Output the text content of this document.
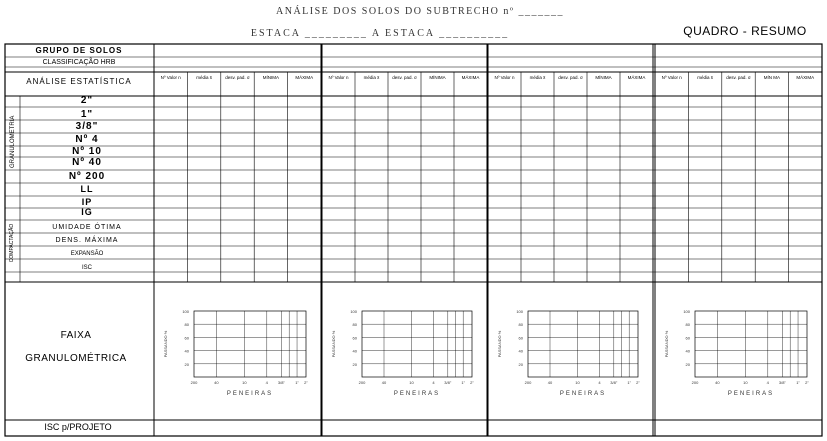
ANÁLISE DOS SOLOS DO SUBTRECHO nº _______
ESTACA _________ A ESTACA __________	QUADRO - RESUMO
100
80
60
40
20
200	40	10	4 3/8"	1" 2"
PASSANDO %
PENEIRAS
100
80
60
40
20
200	40	10	4 3/8"	1" 2"
PASSANDO %
PENEIRAS
100
80
60
40
20
200	40	10	4 3/8"	1" 2"
PASSANDO %
PENEIRAS
100
80
60
40
20
200	40	10	4 3/8"	1" 2"
PASSANDO %
PENEIRAS
GRUPO DE SOLOS
CLASSIFICAÇÃO HRB
ANÁLISE ESTATÍSTICA
GRANULOMETRIA
COMPACTAÇÃO
2"
1"
3/8"
Nº 4
Nº 10
Nº 40
Nº 200
LL
IP
IG
UMIDADE ÓTIMA
DENS. MÁXIMA
EXPANSÃO
ISC
Nº Valor n	média x̄	desv. pad. σ	MÍNIMA	MÁXIMA	Nº Valor n	média x̄	desv. pad. σ	MÍNIMA	MÁXIMA	Nº Valor n	média x̄	desv. pad. σ	MÍNIMA	MÁXIMA	Nº Valor n	média x̄	desv. pad. σ	MÍN MA	MÁXIMA
FAIXA
GRANULOMÉTRICA
ISC p/PROJETO
